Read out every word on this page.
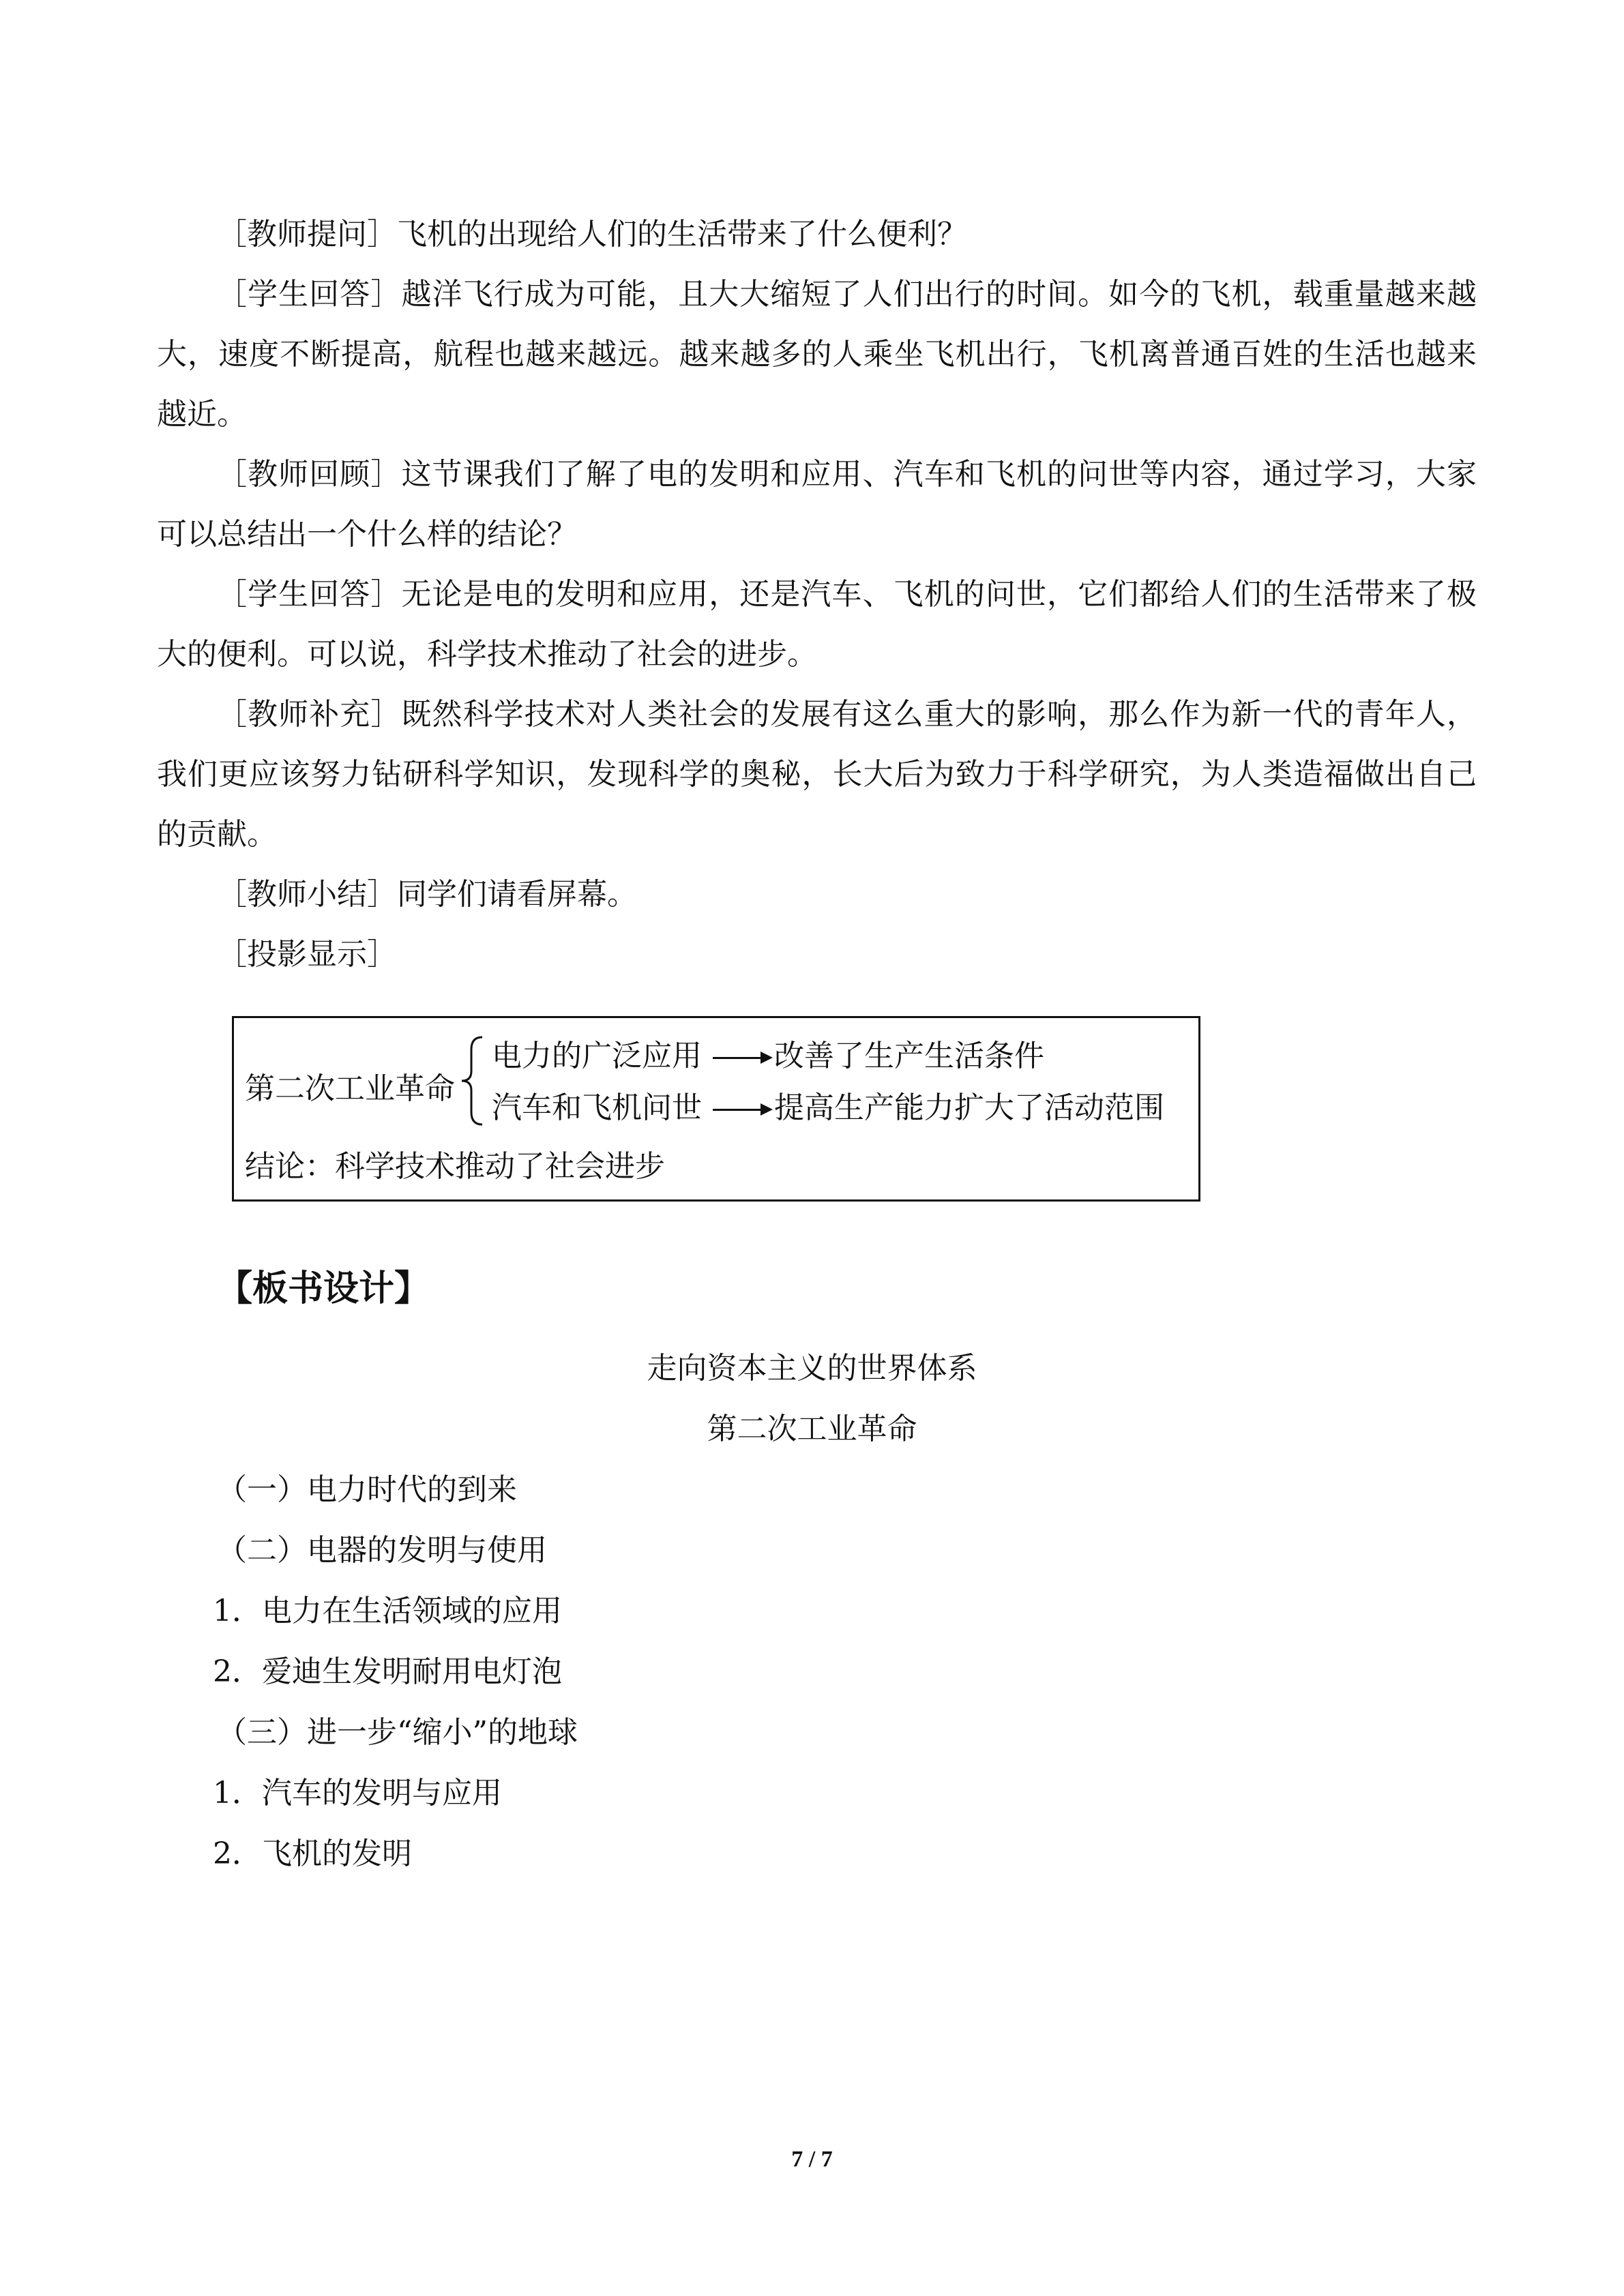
［教师提问］飞机的出现给人们的生活带来了什么便利？

［学生回答］越洋飞行成为可能，且大大缩短了人们出行的时间。如今的飞机，载重量越来越大，速度不断提高，航程也越来越远。越来越多的人乘坐飞机出行，飞机离普通百姓的生活也越来越近。

［教师回顾］这节课我们了解了电的发明和应用、汽车和飞机的问世等内容，通过学习，大家可以总结出一个什么样的结论？

［学生回答］无论是电的发明和应用，还是汽车、飞机的问世，它们都给人们的生活带来了极大的便利。可以说，科学技术推动了社会的进步。

［教师补充］既然科学技术对人类社会的发展有这么重大的影响，那么作为新一代的青年人，我们更应该努力钻研科学知识，发现科学的奥秘，长大后为致力于科学研究，为人类造福做出自己的贡献。

［教师小结］同学们请看屏幕。

［投影显示］

第二次工业革命
电力的广泛应用 改善了生产生活条件
汽车和飞机问世 提高生产能力扩大了活动范围
结论：科学技术推动了社会进步
【板书设计】
走向资本主义的世界体系
第二次工业革命
（一）电力时代的到来
（二）电器的发明与使用
1．电力在生活领域的应用
2．爱迪生发明耐用电灯泡
（三）进一步“缩小”的地球
1．汽车的发明与应用
2．飞机的发明
7 / 7
